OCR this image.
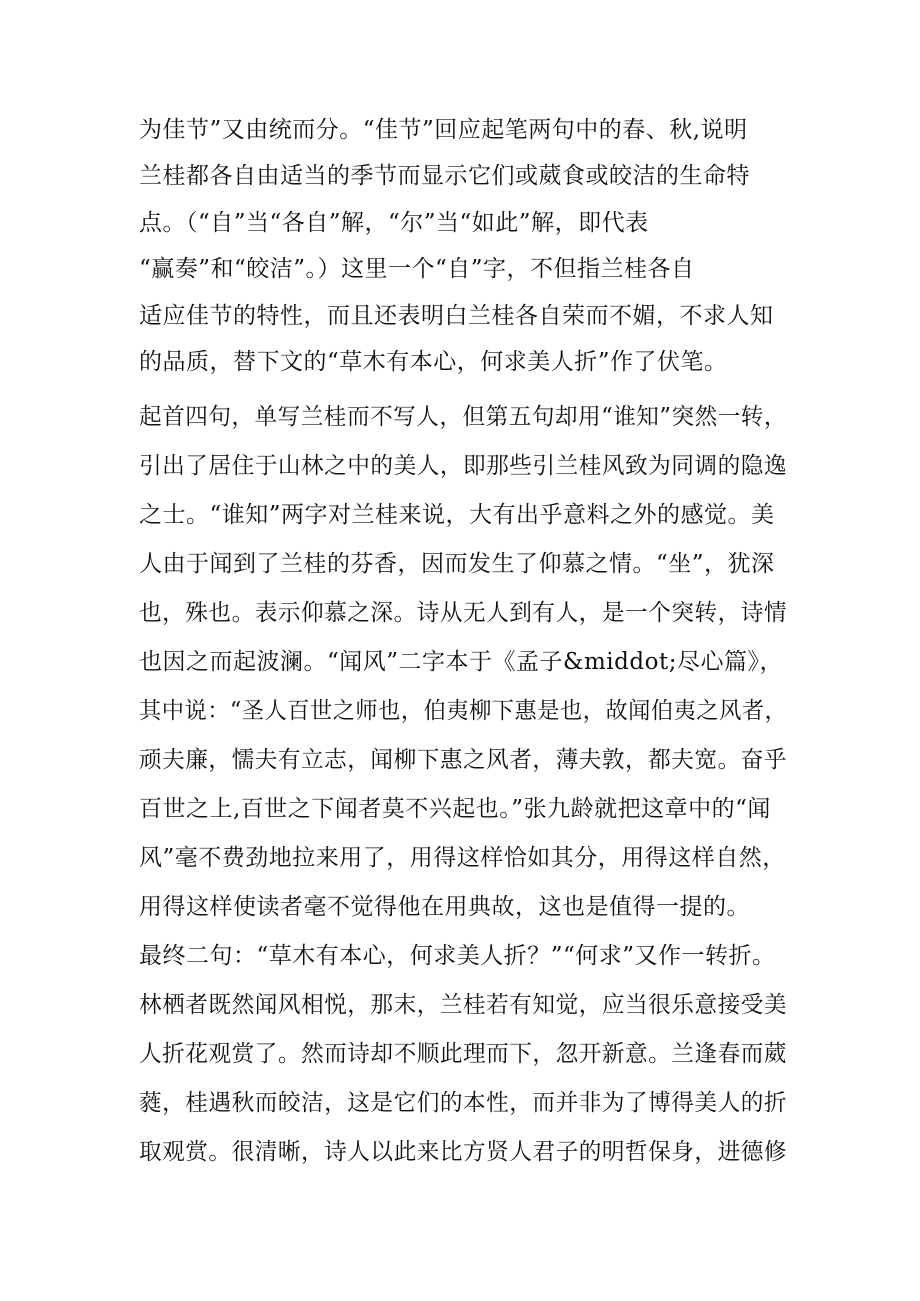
为佳节”又由统而分。“佳节”回应起笔两句中的春、秋,说明
兰桂都各自由适当的季节而显示它们或葳食或皎洁的生命特
点。（“自”当“各自”解，“尔”当“如此”解，即代表
“赢奏”和“皎洁”。）这里一个“自”字，不但指兰桂各自
适应佳节的特性，而且还表明白兰桂各自荣而不媚，不求人知
的品质，替下文的“草木有本心，何求美人折”作了伏笔。
起首四句，单写兰桂而不写人，但第五句却用“谁知”突然一转，
引出了居住于山林之中的美人，即那些引兰桂风致为同调的隐逸
之士。“谁知”两字对兰桂来说，大有出乎意料之外的感觉。美
人由于闻到了兰桂的芬香，因而发生了仰慕之情。“坐”，犹深
也，殊也。表示仰慕之深。诗从无人到有人，是一个突转，诗情
也因之而起波澜。“闻风”二字本于《孟子&middot;尽心篇》，
其中说：“圣人百世之师也，伯夷柳下惠是也，故闻伯夷之风者，
顽夫廉，懦夫有立志，闻柳下惠之风者，薄夫敦，都夫宽。奋乎
百世之上,百世之下闻者莫不兴起也。”张九龄就把这章中的“闻
风”毫不费劲地拉来用了，用得这样恰如其分，用得这样自然，
用得这样使读者毫不觉得他在用典故，这也是值得一提的。
最终二句：“草木有本心，何求美人折？”“何求”又作一转折。
林栖者既然闻风相悦，那末，兰桂若有知觉，应当很乐意接受美
人折花观赏了。然而诗却不顺此理而下，忽开新意。兰逢春而葳
蕤，桂遇秋而皎洁，这是它们的本性，而并非为了博得美人的折
取观赏。很清晰，诗人以此来比方贤人君子的明哲保身，进德修
